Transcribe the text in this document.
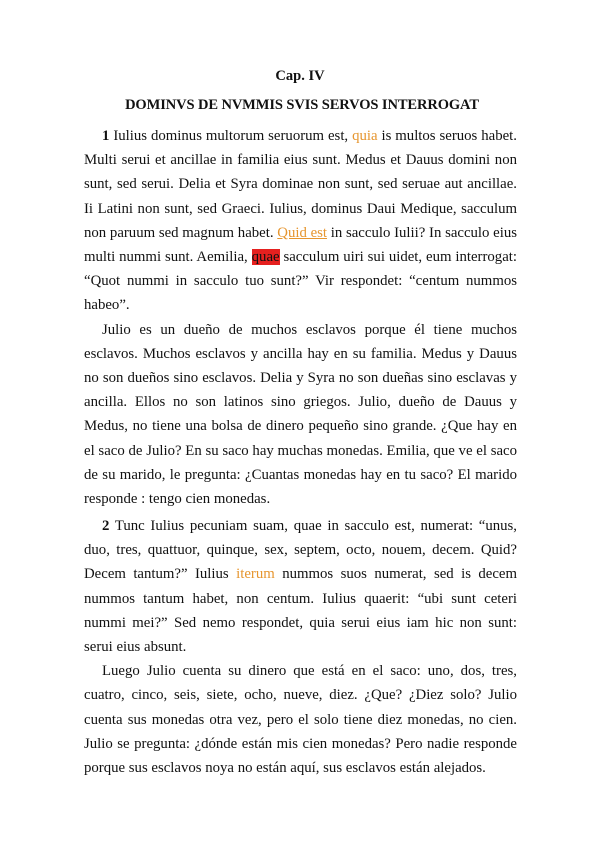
Cap. IV
DOMINVS DE NVMMIS SVIS SERVOS INTERROGAT

1 Iulius dominus multorum seruorum est, quia is multos seruos habet. Multi serui et ancillae in familia eius sunt. Medus et Dauus domini non sunt, sed serui. Delia et Syra dominae non sunt, sed seruae aut ancillae. Ii Latini non sunt, sed Graeci. Iulius, dominus Daui Medique, sacculum non paruum sed magnum habet. Quid est in sacculo Iulii? In sacculo eius multi nummi sunt. Aemilia, quae sacculum uiri sui uidet, eum interrogat: “Quot nummi in sacculo tuo sunt?” Vir respondet: “centum nummos habeo”.

Julio es un dueño de muchos esclavos porque él tiene muchos esclavos. Muchos esclavos y ancilla hay en su familia. Medus y Dauus no son dueños sino esclavos. Delia y Syra no son dueñas sino esclavas y ancilla. Ellos no son latinos sino griegos. Julio, dueño de Dauus y Medus, no tiene una bolsa de dinero pequeño sino grande. ¿Que hay en el saco de Julio? En su saco hay muchas monedas. Emilia, que ve el saco de su marido, le pregunta: ¿Cuantas monedas hay en tu saco? El marido responde : tengo cien monedas.

2 Tunc Iulius pecuniam suam, quae in sacculo est, numerat: “unus, duo, tres, quattuor, quinque, sex, septem, octo, nouem, decem. Quid? Decem tantum?” Iulius iterum nummos suos numerat, sed is decem nummos tantum habet, non centum. Iulius quaerit: “ubi sunt ceteri nummi mei?” Sed nemo respondet, quia serui eius iam hic non sunt: serui eius absunt.

Luego Julio cuenta su dinero que está en el saco: uno, dos, tres, cuatro, cinco, seis, siete, ocho, nueve, diez. ¿Que? ¿Diez solo? Julio cuenta sus monedas otra vez, pero el solo tiene diez monedas, no cien. Julio se pregunta: ¿dónde están mis cien monedas? Pero nadie responde porque sus esclavos noya no están aquí, sus esclavos están alejados.
